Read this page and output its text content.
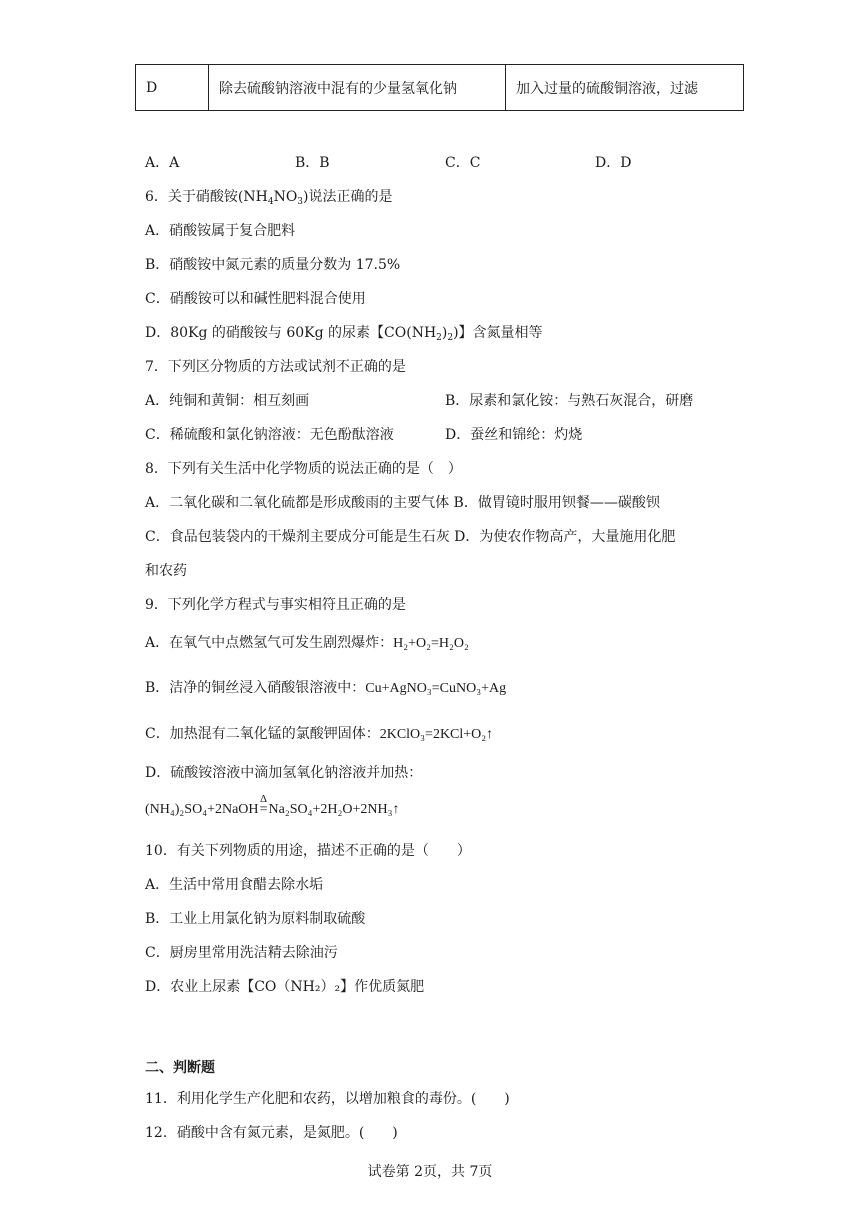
D	除去硫酸钠溶液中混有的少量氢氧化钠	加入过量的硫酸铜溶液，过滤
A．A	B．B	C．C	D．D
6．关于硝酸铵$(NH_4NO_3)$说法正确的是
A．硝酸铵属于复合肥料
B．硝酸铵中氮元素的质量分数为 17.5%
C．硝酸铵可以和碱性肥料混合使用
D．80Kg 的硝酸铵与 60Kg 的尿素【$CO(NH_2)_2$)】含氮量相等
7．下列区分物质的方法或试剂不正确的是
A．纯铜和黄铜：相互刻画	B．尿素和氯化铵：与熟石灰混合，研磨
C．稀硫酸和氯化钠溶液：无色酚酞溶液	D．蚕丝和锦纶：灼烧
8．下列有关生活中化学物质的说法正确的是（　）
A．二氧化碳和二氧化硫都是形成酸雨的主要气体 B．做胃镜时服用钡餐——碳酸钡
C．食品包装袋内的干燥剂主要成分可能是生石灰 D．为使农作物高产，大量施用化肥
和农药
9．下列化学方程式与事实相符且正确的是
A．在氧气中点燃氢气可发生剧烈爆炸：H₂+O₂=H₂O₂
B．洁净的铜丝浸入硝酸银溶液中：Cu+AgNO₃=CuNO₃+Ag
C．加热混有二氧化锰的氯酸钾固体：2KClO₃=2KCl+O₂↑
D．硫酸铵溶液中滴加氢氧化钠溶液并加热：
(NH₄)₂SO₄+2NaOH
Δ
=Na₂SO₄+2H₂O+2NH₃↑
10．有关下列物质的用途，描述不正确的是（　　）
A．生活中常用食醋去除水垢
B．工业上用氯化钠为原料制取硫酸
C．厨房里常用洗洁精去除油污
D．农业上尿素【CO（NH₂）₂】作优质氮肥
二、判断题
11．利用化学生产化肥和农药，以增加粮食的毒份。(　　)
12．硝酸中含有氮元素，是氮肥。(　　)
试卷第 2页，共 7页
